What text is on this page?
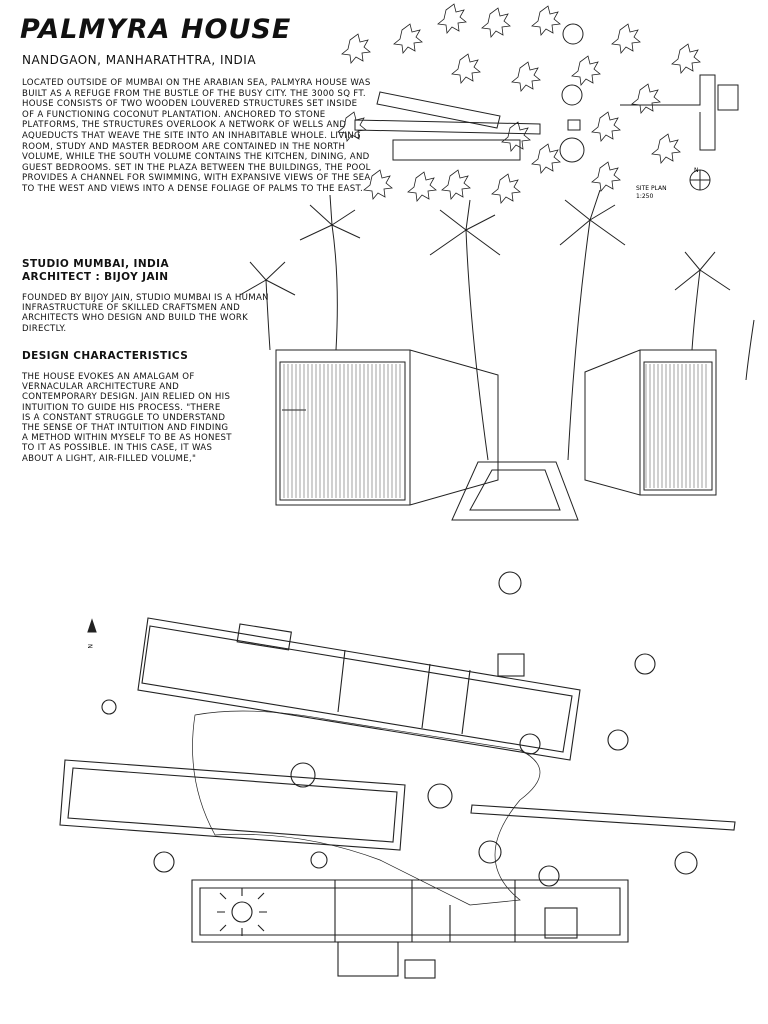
PALMYRA HOUSE

NANDGAON, MANHARATHTRA, INDIA

LOCATED OUTSIDE OF MUMBAI ON THE ARABIAN SEA, PALMYRA HOUSE WAS BUILT AS A REFUGE FROM THE BUSTLE OF THE BUSY CITY. THE 3000 SQ FT. HOUSE CONSISTS OF TWO WOODEN LOUVERED STRUCTURES SET INSIDE OF A FUNCTIONING COCONUT PLANTATION. ANCHORED TO STONE PLATFORMS, THE STRUCTURES OVERLOOK A NETWORK OF WELLS AND AQUEDUCTS THAT WEAVE THE SITE INTO AN INHABITABLE WHOLE. LIVING ROOM, STUDY AND MASTER BEDROOM ARE CONTAINED IN THE NORTH VOLUME, WHILE THE SOUTH VOLUME CONTAINS THE KITCHEN, DINING, AND GUEST BEDROOMS. SET IN THE PLAZA BETWEEN THE BUILDINGS, THE POOL PROVIDES A CHANNEL FOR SWIMMING, WITH EXPANSIVE VIEWS OF THE SEA TO THE WEST AND VIEWS INTO A DENSE FOLIAGE OF PALMS TO THE EAST.

STUDIO MUMBAI, INDIA

ARCHITECT : BIJOY JAIN

FOUNDED BY BIJOY JAIN, STUDIO MUMBAI IS A HUMAN INFRASTRUCTURE OF SKILLED CRAFTSMEN AND ARCHITECTS WHO DESIGN AND BUILD THE WORK DIRECTLY.

DESIGN CHARACTERISTICS

THE HOUSE EVOKES AN AMALGAM OF VERNACULAR ARCHITECTURE AND CONTEMPORARY DESIGN. JAIN RELIED ON HIS INTUITION TO GUIDE HIS PROCESS. "THERE IS A CONSTANT STRUGGLE TO UNDERSTAND THE SENSE OF THAT INTUITION AND FINDING A METHOD WITHIN MYSELF TO BE AS HONEST TO IT AS POSSIBLE. IN THIS CASE, IT WAS ABOUT A LIGHT, AIR-FILLED VOLUME,"

SITE PLAN
1:250
N
N
